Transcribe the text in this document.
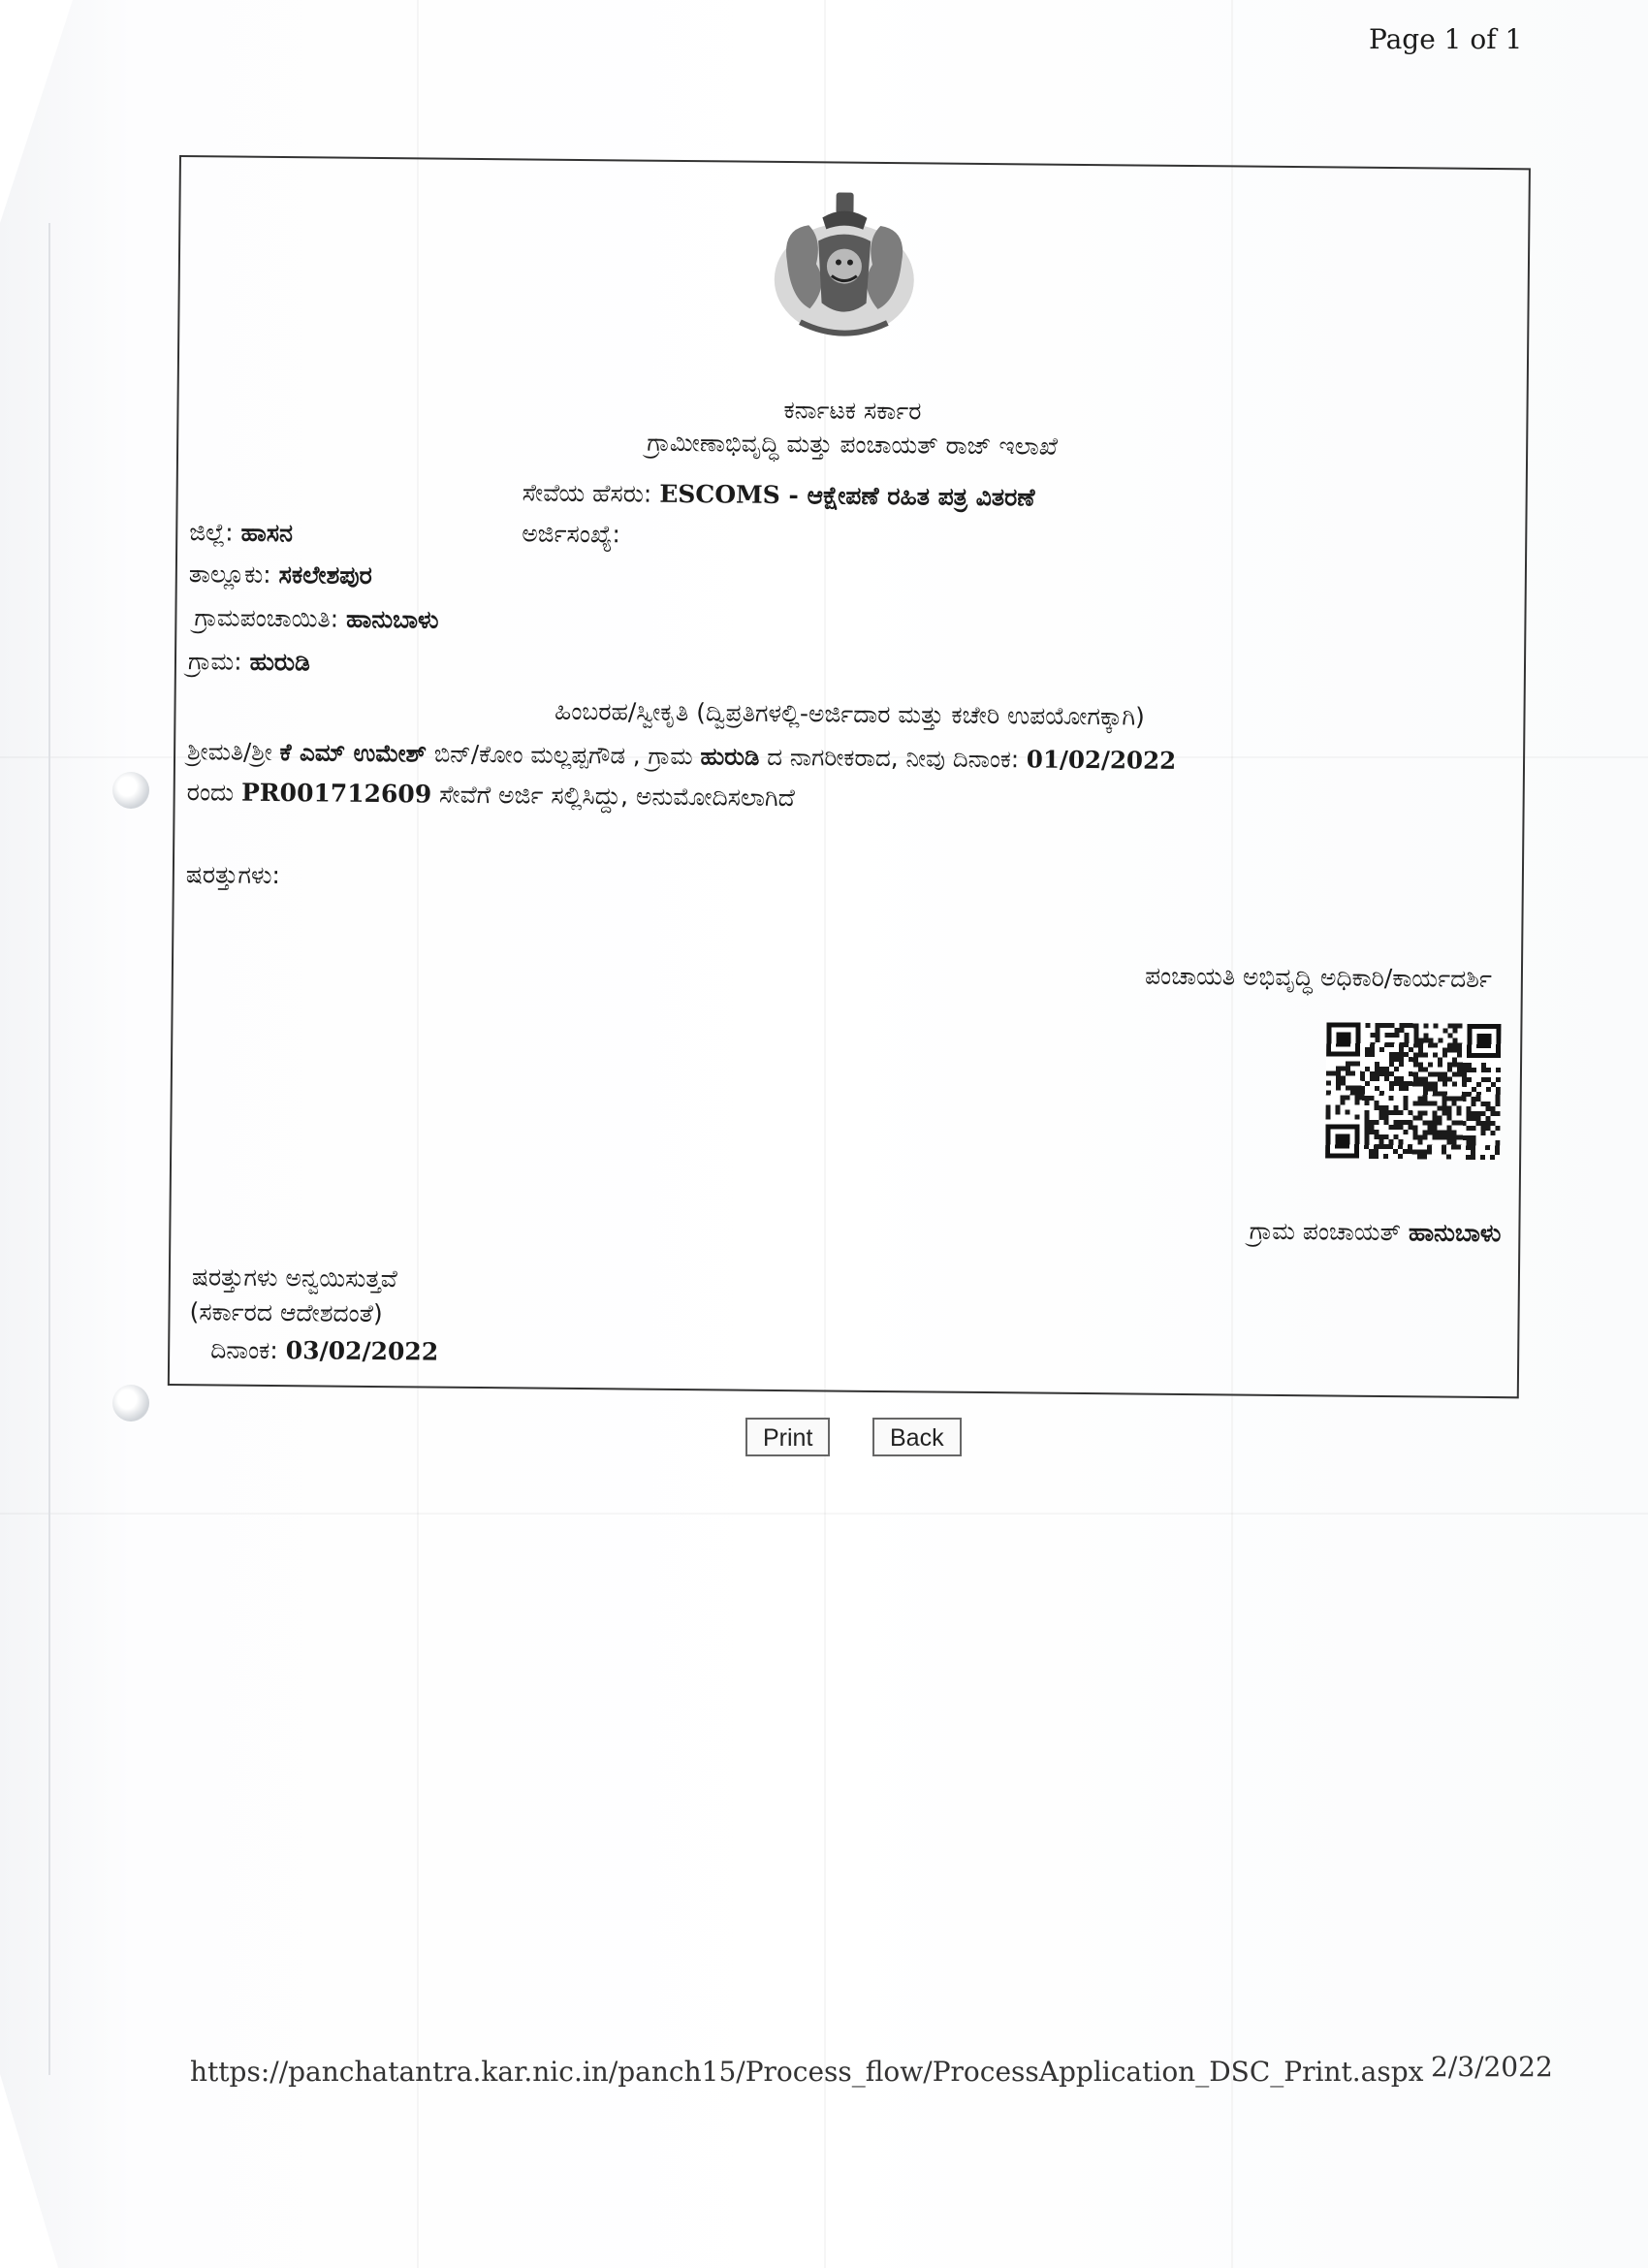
Page 1 of 1
ಕರ್ನಾಟಕ ಸರ್ಕಾರ
ಗ್ರಾಮೀಣಾಭಿವೃದ್ಧಿ ಮತ್ತು ಪಂಚಾಯತ್ ರಾಜ್ ಇಲಾಖೆ
ಸೇವೆಯ ಹೆಸರು: ESCOMS - ಆಕ್ಷೇಪಣೆ ರಹಿತ ಪತ್ರ ವಿತರಣೆ
ಅರ್ಜಿಸಂಖ್ಯೆ:
ಜಿಲ್ಲೆ: ಹಾಸನ
ತಾಲ್ಲೂಕು: ಸಕಲೇಶಪುರ
ಗ್ರಾಮಪಂಚಾಯಿತಿ: ಹಾನುಬಾಳು
ಗ್ರಾಮ: ಹುರುಡಿ
ಹಿಂಬರಹ/ಸ್ವೀಕೃತಿ (ದ್ವಿಪ್ರತಿಗಳಲ್ಲಿ-ಅರ್ಜಿದಾರ ಮತ್ತು ಕಚೇರಿ ಉಪಯೋಗಕ್ಕಾಗಿ)
ಶ್ರೀಮತಿ/ಶ್ರೀ ಕೆ ಎಮ್ ಉಮೇಶ್ ಬಿನ್/ಕೋಂ ಮಲ್ಲಪ್ಪಗೌಡ , ಗ್ರಾಮ ಹುರುಡಿ ದ ನಾಗರೀಕರಾದ, ನೀವು ದಿನಾಂಕ: 01/02/2022
ರಂದು PR001712609 ಸೇವೆಗೆ ಅರ್ಜಿ ಸಲ್ಲಿಸಿದ್ದು, ಅನುಮೋದಿಸಲಾಗಿದೆ
ಷರತ್ತುಗಳು:
ಪಂಚಾಯತಿ ಅಭಿವೃದ್ಧಿ ಅಧಿಕಾರಿ/ಕಾರ್ಯದರ್ಶಿ
ಗ್ರಾಮ ಪಂಚಾಯತ್ ಹಾನುಬಾಳು
ಷರತ್ತುಗಳು ಅನ್ವಯಿಸುತ್ತವೆ
(ಸರ್ಕಾರದ ಆದೇಶದಂತೆ)
ದಿನಾಂಕ: 03/02/2022
Print	Back
https://panchatantra.kar.nic.in/panch15/Process_flow/ProcessApplication_DSC_Print.aspx 2/3/2022
